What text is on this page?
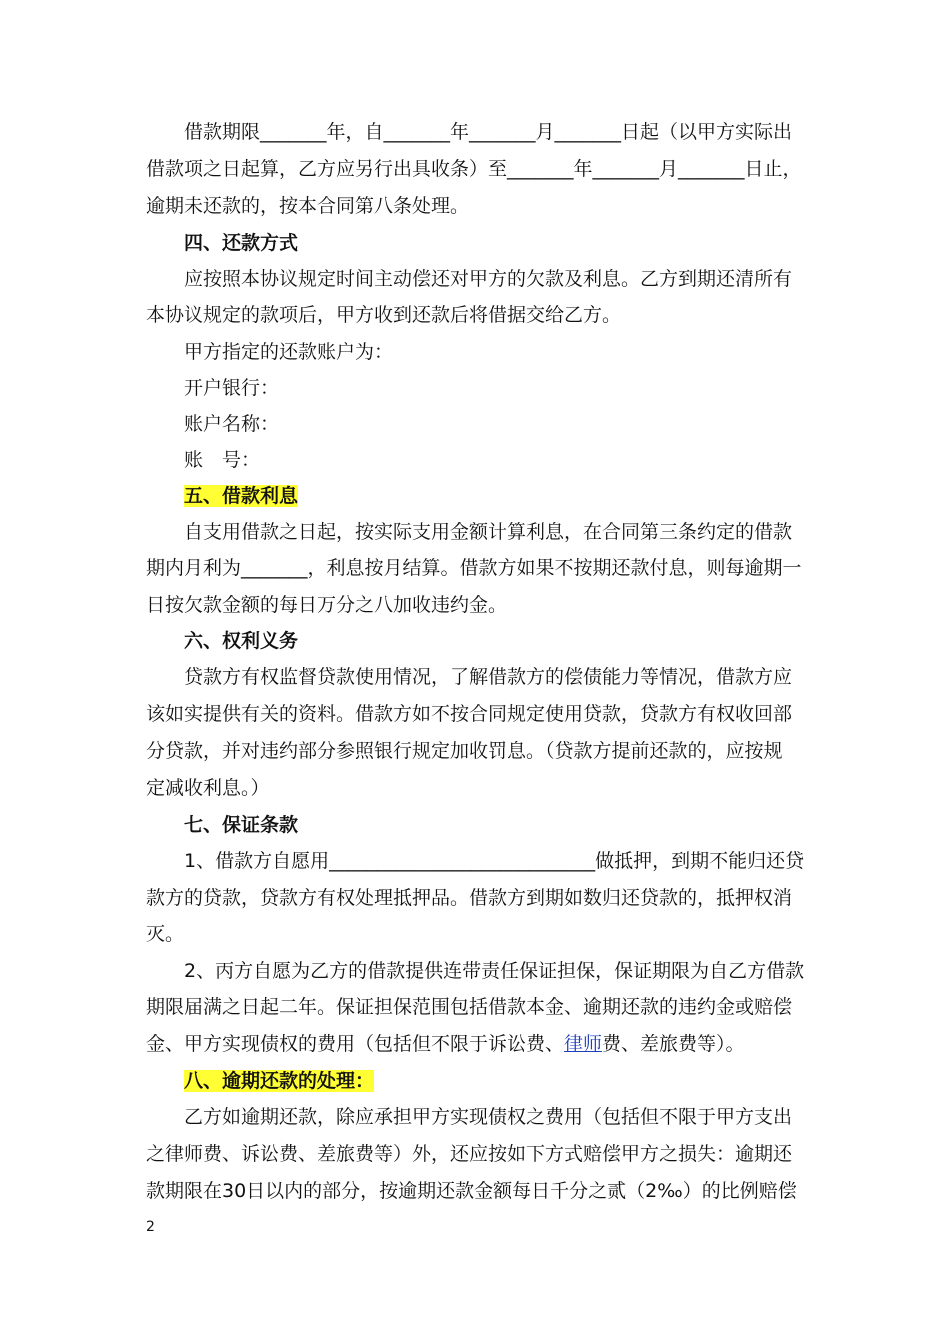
借款期限_______年，自_______年_______月_______日起（以甲方实际出
借款项之日起算，乙方应另行出具收条）至_______年_______月_______日止，
逾期未还款的，按本合同第八条处理。
四、还款方式
应按照本协议规定时间主动偿还对甲方的欠款及利息。乙方到期还清所有
本协议规定的款项后，甲方收到还款后将借据交给乙方。
甲方指定的还款账户为：
开户银行：
账户名称：
账　号：
五、借款利息
自支用借款之日起，按实际支用金额计算利息，在合同第三条约定的借款
期内月利为_______，利息按月结算。借款方如果不按期还款付息，则每逾期一
日按欠款金额的每日万分之八加收违约金。
六、权利义务
贷款方有权监督贷款使用情况，了解借款方的偿债能力等情况，借款方应
该如实提供有关的资料。借款方如不按合同规定使用贷款，贷款方有权收回部
分贷款，并对违约部分参照银行规定加收罚息。（贷款方提前还款的，应按规
定减收利息。）
七、保证条款
1、借款方自愿用____________________________做抵押，到期不能归还贷
款方的贷款，贷款方有权处理抵押品。借款方到期如数归还贷款的，抵押权消
灭。
2、丙方自愿为乙方的借款提供连带责任保证担保，保证期限为自乙方借款
期限届满之日起二年。保证担保范围包括借款本金、逾期还款的违约金或赔偿
金、甲方实现债权的费用（包括但不限于诉讼费、律师费、差旅费等）。
八、逾期还款的处理：
乙方如逾期还款，除应承担甲方实现债权之费用（包括但不限于甲方支出
之律师费、诉讼费、差旅费等）外，还应按如下方式赔偿甲方之损失：逾期还
款期限在30日以内的部分，按逾期还款金额每日千分之贰（2‰）的比例赔偿
2
